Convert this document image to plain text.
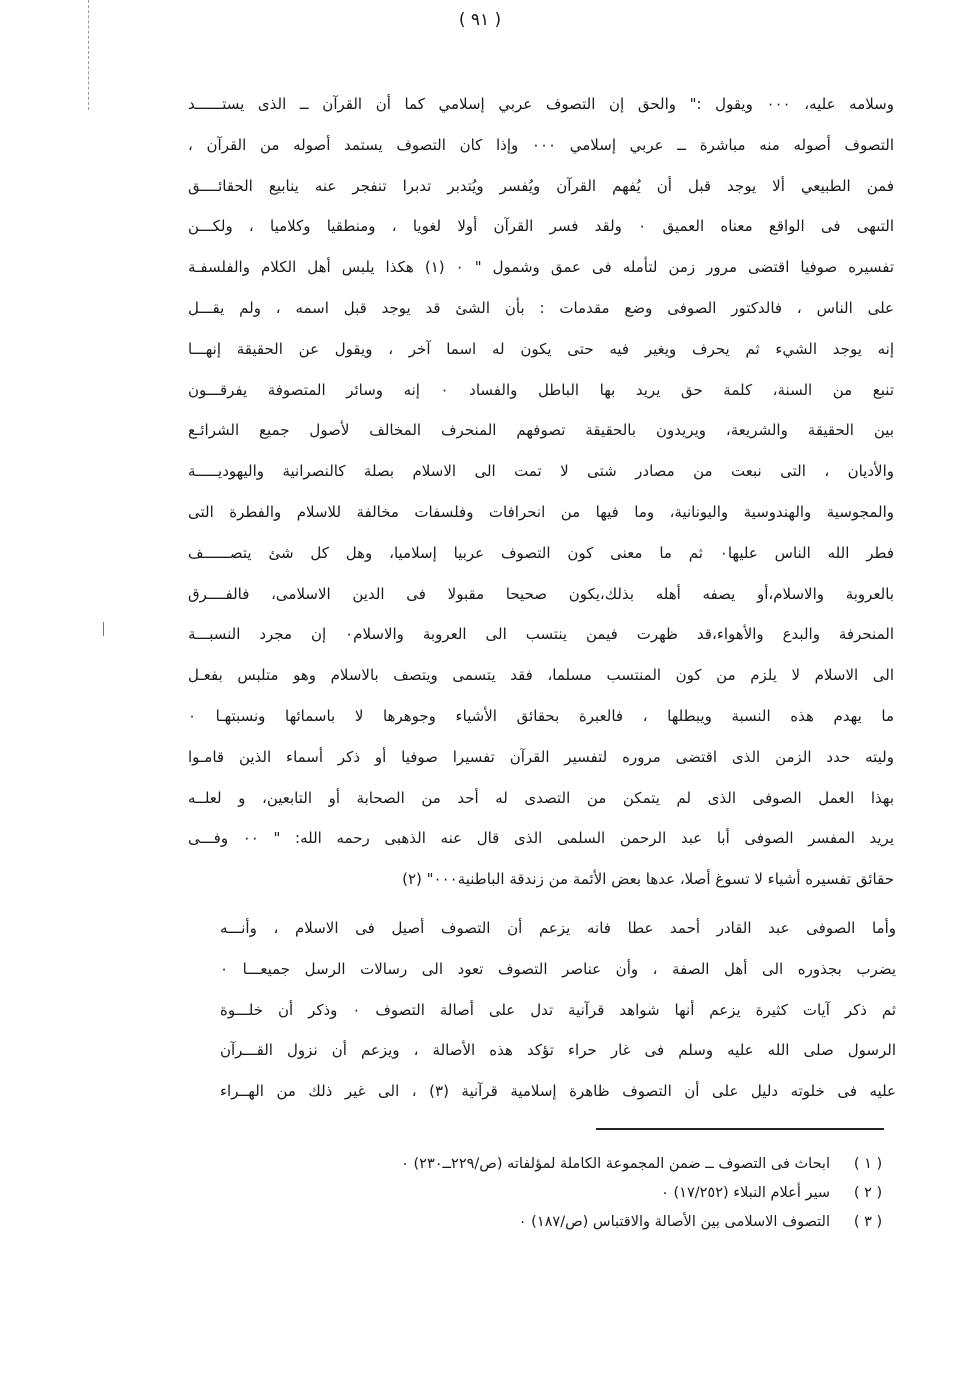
( ٩١ )
وسلامه عليه، ٠٠٠ ويقول :" والحق إن التصوف عربي إسلامي كما أن القرآن ــ الذى يستــــــد
التصوف أصوله منه مباشرة ــ عربي إسلامي ٠٠٠ وإذا كان التصوف يستمد أصوله من القرآن ،
فمن الطبيعي ألا يوجد قبل أن يُفهم القرآن ويُفسر ويُتدبر تدبرا تنفجر عنه ينابيع الحقائــــق
التىهى فى الواقع معناه العميق ٠ ولقد فسر القرآن أولا لغويا ، ومنطقيا وكلاميا ، ولكـــن
تفسيره صوفيا اقتضى مرور زمن لتأمله فى عمق وشمول " ٠ (١) هكذا يلبس أهل الكلام والفلسفـة
على الناس ، فالدكتور الصوفى وضع مقدمات : بأن الشئ قد يوجد قبل اسمه ، ولم يقـــل
إنه يوجد الشيء ثم يحرف ويغير فيه حتى يكون له اسما آخر ، ويقول عن الحقيقة إنهـــا
تنبع من السنة، كلمة حق يريد بها الباطل والفساد ٠ إنه وسائر المتصوفة يفرقـــون
بين الحقيقة والشريعة، ويريدون بالحقيقة تصوفهم المنحرف المخالف لأصول جميع الشرائـع
والأديان ، التى نبعت من مصادر شتى لا تمت الى الاسلام بصلة كالنصرانية واليهوديـــــة
والمجوسية والهندوسية واليونانية، وما فيها من انحرافات وفلسفات مخالفة للاسلام والفطرة التى
فطر الله الناس عليها٠ ثم ما معنى كون التصوف عربيا إسلاميا، وهل كل شئ يتصــــــف
بالعروبة والاسلام،أو يصفه أهله بذلك،يكون صحيحا مقبولا فى الدين الاسلامى، فالفــــرق
المنحرفة والبدع والأهواء،قد ظهرت فيمن ينتسب الى العروبة والاسلام٠ إن مجرد النسبـــة
الى الاسلام لا يلزم من كون المنتسب مسلما، فقد يتسمى ويتصف بالاسلام وهو متلبس بفعـل
ما يهدم هذه النسبة ويبطلها ، فالعبرة بحقائق الأشياء وجوهرها لا باسمائها ونسبتهـا ٠
وليته حدد الزمن الذى اقتضى مروره لتفسير القرآن تفسيرا صوفيا أو ذكر أسماء الذين قامـوا
بهذا العمل الصوفى الذى لم يتمكن من التصدى له أحد من الصحابة أو التابعين، و لعلــه
يريد المفسر الصوفى أبا عبد الرحمن السلمى الذى قال عنه الذهبى رحمه الله: " ٠٠ وفـــى
حقائق تفسيره أشياء لا تسوغ أصلا، عدها بعض الأئمة من زندقة الباطنية٠٠٠" (٢)
وأما الصوفى عبد القادر أحمد عطا فانه يزعم أن التصوف أصيل فى الاسلام ، وأنـــه
يضرب بجذوره الى أهل الصفة ، وأن عناصر التصوف تعود الى رسالات الرسل جميعـــا ٠
ثم ذكر آيات كثيرة يزعم أنها شواهد قرآنية تدل على أصالة التصوف ٠ وذكر أن خلـــوة
الرسول صلى الله عليه وسلم فى غار حراء تؤكد هذه الأصالة ، ويزعم أن نزول القـــرآن
عليه فى خلوته دليل على أن التصوف ظاهرة إسلامية قرآنية (٣) ، الى غير ذلك من الهــراء
( ١ )
ابحاث فى التصوف ــ ضمن المجموعة الكاملة لمؤلفاته (ص/٢٢٩ــ٢٣٠) ٠
( ٢ )
سير أعلام النبلاء (١٧/٢٥٢) ٠
( ٣ )
التصوف الاسلامى بين الأصالة والاقتباس (ص/١٨٧) ٠
